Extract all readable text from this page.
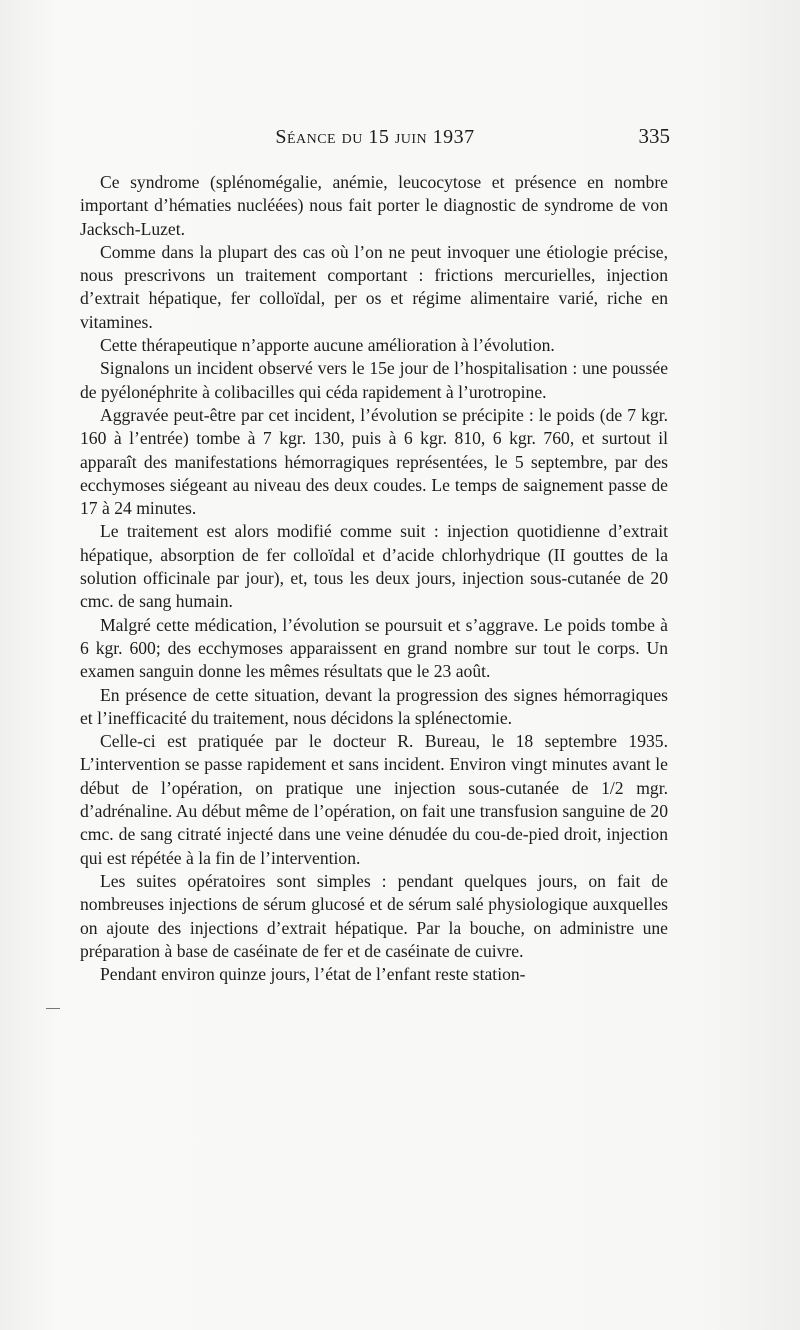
Séance du 15 juin 1937	335

Ce syndrome (splénomégalie, anémie, leucocytose et présence en nombre important d’hématies nucléées) nous fait porter le diagnostic de syndrome de von Jacksch-Luzet.

Comme dans la plupart des cas où l’on ne peut invoquer une étiologie précise, nous prescrivons un traitement comportant : frictions mercurielles, injection d’extrait hépatique, fer colloïdal, per os et régime alimentaire varié, riche en vitamines.

Cette thérapeutique n’apporte aucune amélioration à l’évolution.

Signalons un incident observé vers le 15e jour de l’hospitalisation : une poussée de pyélonéphrite à colibacilles qui céda rapidement à l’urotropine.

Aggravée peut-être par cet incident, l’évolution se précipite : le poids (de 7 kgr. 160 à l’entrée) tombe à 7 kgr. 130, puis à 6 kgr. 810, 6 kgr. 760, et surtout il apparaît des manifestations hémorragiques représentées, le 5 septembre, par des ecchymoses siégeant au niveau des deux coudes. Le temps de saignement passe de 17 à 24 minutes.

Le traitement est alors modifié comme suit : injection quotidienne d’extrait hépatique, absorption de fer colloïdal et d’acide chlorhydrique (II gouttes de la solution officinale par jour), et, tous les deux jours, injection sous-cutanée de 20 cmc. de sang humain.

Malgré cette médication, l’évolution se poursuit et s’aggrave. Le poids tombe à 6 kgr. 600; des ecchymoses apparaissent en grand nombre sur tout le corps. Un examen sanguin donne les mêmes résultats que le 23 août.

En présence de cette situation, devant la progression des signes hémorragiques et l’inefficacité du traitement, nous décidons la splénectomie.

Celle-ci est pratiquée par le docteur R. Bureau, le 18 septembre 1935. L’intervention se passe rapidement et sans incident. Environ vingt minutes avant le début de l’opération, on pratique une injection sous-cutanée de 1/2 mgr. d’adrénaline. Au début même de l’opération, on fait une transfusion sanguine de 20 cmc. de sang citraté injecté dans une veine dénudée du cou-de-pied droit, injection qui est répétée à la fin de l’intervention.

Les suites opératoires sont simples : pendant quelques jours, on fait de nombreuses injections de sérum glucosé et de sérum salé physiologique auxquelles on ajoute des injections d’extrait hépatique. Par la bouche, on administre une préparation à base de caséinate de fer et de caséinate de cuivre.

Pendant environ quinze jours, l’état de l’enfant reste station-
